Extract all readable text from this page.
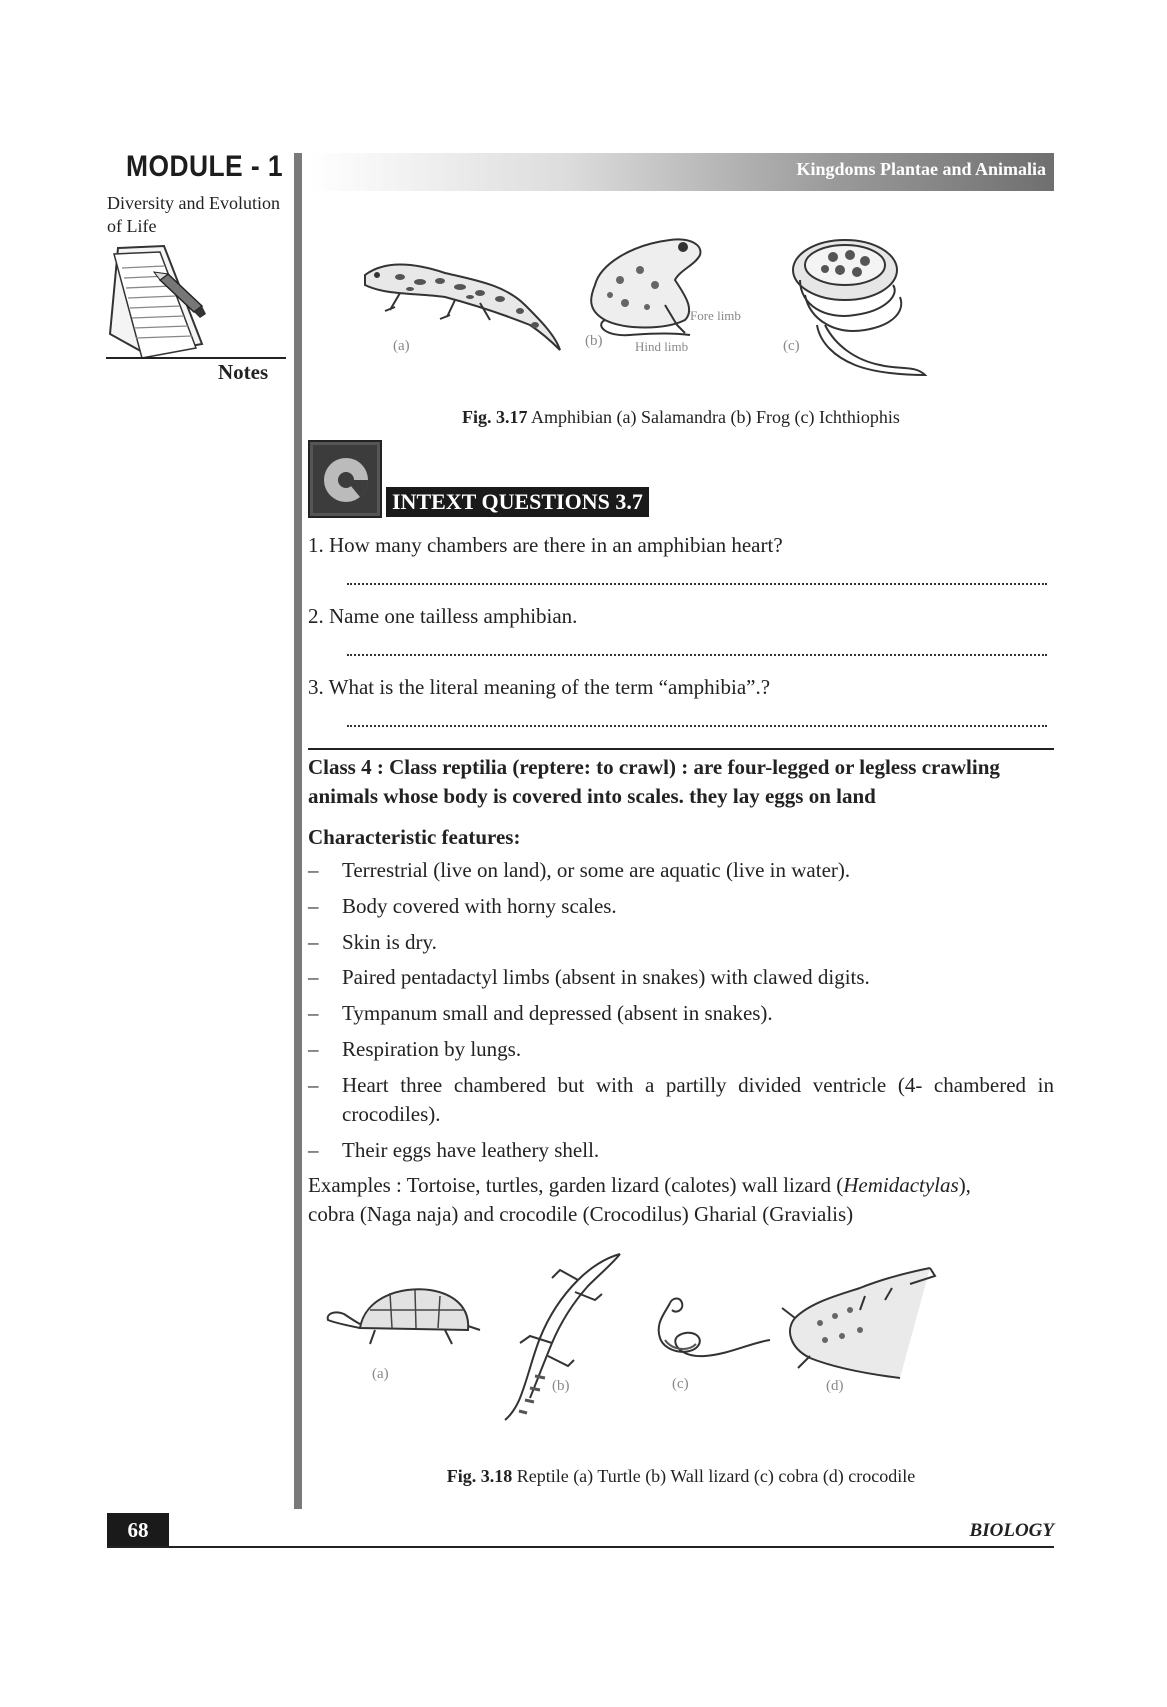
MODULE - 1
Diversity and Evolution
of Life
Notes
Kingdoms Plantae and Animalia
(a)	(b)
Fore limb
Hind limb	(c)
Fig. 3.17 Amphibian (a) Salamandra (b) Frog (c) Ichthiophis
INTEXT QUESTIONS 3.7
1. How many chambers are there in an amphibian heart?
2. Name one tailless amphibian.
3. What is the literal meaning of the term “amphibia”.?
Class 4 : Class reptilia (reptere: to crawl) : are four-legged or legless crawling
animals whose body is covered into scales. they lay eggs on land
Characteristic features:
– Terrestrial (live on land), or some are aquatic (live in water).
– Body covered with horny scales.
– Skin is dry.
– Paired pentadactyl limbs (absent in snakes) with clawed digits.
– Tympanum small and depressed (absent in snakes).
– Respiration by lungs.
– Heart three chambered but with a partilly divided ventricle (4- chambered in crocodiles).
– Their eggs have leathery shell.
Examples : Tortoise, turtles, garden lizard (calotes) wall lizard (Hemidactylas),
cobra (Naga naja) and crocodile (Crocodilus) Gharial (Gravialis)
(a)
(b)	(c)	(d)
Fig. 3.18 Reptile (a) Turtle (b) Wall lizard (c) cobra (d) crocodile
68	BIOLOGY
